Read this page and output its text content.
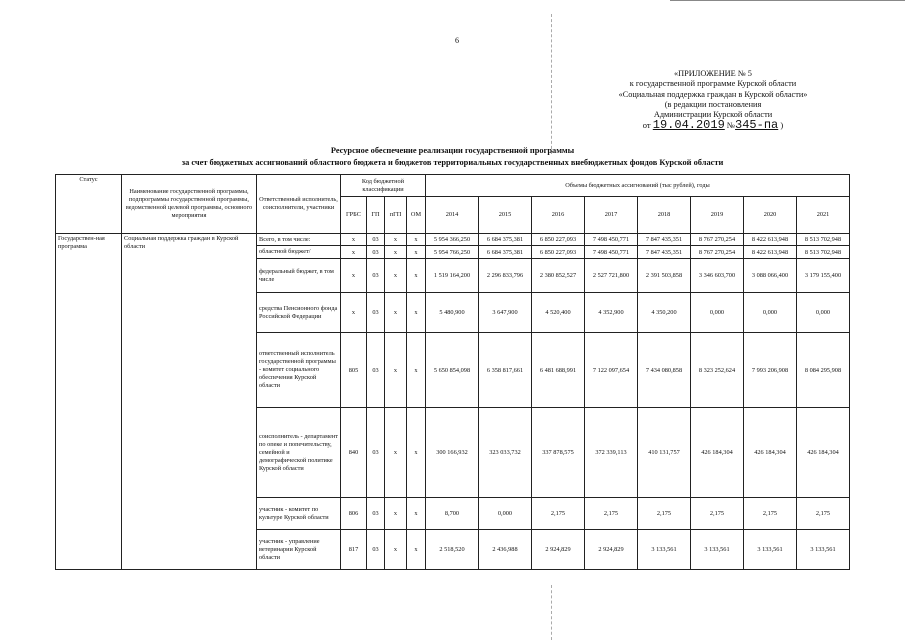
6
«ПРИЛОЖЕНИЕ № 5
к государственной программе Курской области
«Социальная поддержка граждан в Курской области»
(в редакции постановления
Администрации Курской области
от 19.04.2019 №345-па )
Ресурсное обеспечение реализации государственной программы
за счет бюджетных ассигнований областного бюджета и бюджетов территориальных государственных внебюджетных фондов Курской области
Статус	Наименование государственной программы, подпрограммы государственной программы, ведомственной целевой программы, основного мероприятия	Ответственный исполнитель, соисполнители, участники	Код бюджетной классификации				Объемы бюджетных ассигнований (тыс рублей), годы							
			ГРБС	ГП	пГП	ОМ	2014	2015	2016	2017	2018	2019	2020	2021
Государствен-ная программа	Социальная поддержка граждан в Курской области	Всего, в том числе:	x	03	x	x	5 954 366,250	6 684 375,381	6 850 227,093	7 498 450,771	7 847 435,351	8 767 270,254	8 422 613,948	8 513 702,948
		областной бюджет/	x	03	x	x	5 954 766,250	6 684 375,381	6 850 227,093	7 498 450,771	7 847 435,351	8 767 270,254	8 422 613,948	8 513 702,948
		федеральный бюджет, в том числе	x	03	x	x	1 519 164,200	2 296 833,796	2 380 852,527	2 527 721,800	2 391 503,858	3 346 603,700	3 088 066,400	3 179 155,400
		средства Пенсионного фонда Российской Федерации	x	03	x	x	5 480,900	3 647,900	4 520,400	4 352,900	4 350,200	0,000	0,000	0,000
		ответственный исполнитель государственной программы - комитет социального обеспечения Курской области	805	03	x	x	5 650 854,098	6 358 817,661	6 481 688,991	7 122 097,654	7 434 080,858	8 323 252,624	7 993 206,908	8 084 295,908
		соисполнитель - департамент по опеке и попечительству, семейной и демографической политике Курской области	840	03	x	x	300 166,932	323 033,732	337 878,575	372 339,113	410 131,757	426 184,304	426 184,304	426 184,304
		участник - комитет по культуре Курской области	806	03	x	x	8,700	0,000	2,175	2,175	2,175	2,175	2,175	2,175
		участник - управление ветеринарии Курской области	817	03	x	x	2 518,520	2 436,988	2 924,829	2 924,829	3 133,561	3 133,561	3 133,561	3 133,561
